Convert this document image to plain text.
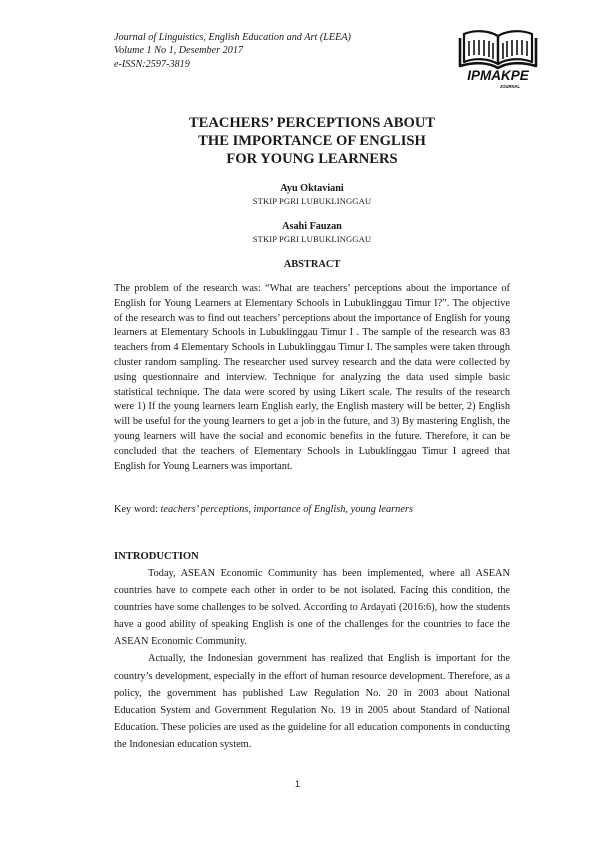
Journal of Linguistics, English Education and Art (LEEA)
Volume 1 No 1, Desember 2017
e-ISSN:2597-3819
IPMAKPE
JOURNAL
TEACHERS’ PERCEPTIONS ABOUT
THE IMPORTANCE OF ENGLISH
FOR YOUNG LEARNERS
Ayu Oktaviani
STKIP PGRI LUBUKLINGGAU
Asahi Fauzan
STKIP PGRI LUBUKLINGGAU
ABSTRACT
The problem of the research was: “What are teachers’ perceptions about the importance of English for Young Learners at Elementary Schools in Lubuklinggau Timur I?”. The objective of the research was to find out teachers’ perceptions about the importance of English for young learners at Elementary Schools in Lubuklinggau Timur I . The sample of the research was 83 teachers from 4 Elementary Schools in Lubuklinggau Timur I. The samples were taken through cluster random sampling. The researcher used survey research and the data were collected by using questionnaire and interview. Technique for analyzing the data used simple basic statistical technique. The data were scored by using Likert scale. The results of the research were 1) If the young learners learn English early, the English mastery will be better, 2) English will be useful for the young learners to get a job in the future, and 3) By mastering English, the young learners will have the social and economic benefits in the future. Therefore, it can be concluded that the teachers of Elementary Schools in Lubuklinggau Timur I agreed that English for Young Learners was important.
Key word: teachers’ perceptions, importance of English, young learners
INTRODUCTION

Today, ASEAN Economic Community has been implemented, where all ASEAN countries have to compete each other in order to be not isolated. Facing this condition, the countries have some challenges to be solved. According to Ardayati (2016:6), how the students have a good ability of speaking English is one of the challenges for the countries to face the ASEAN Economic Community.

Actually, the Indonesian government has realized that English is important for the country’s development, especially in the effort of human resource development. Therefore, as a policy, the government has published Law Regulation No. 20 in 2003 about National Education System and Government Regulation No. 19 in 2005 about Standard of National Education. These policies are used as the guideline for all education components in conducting the Indonesian education system.

1
